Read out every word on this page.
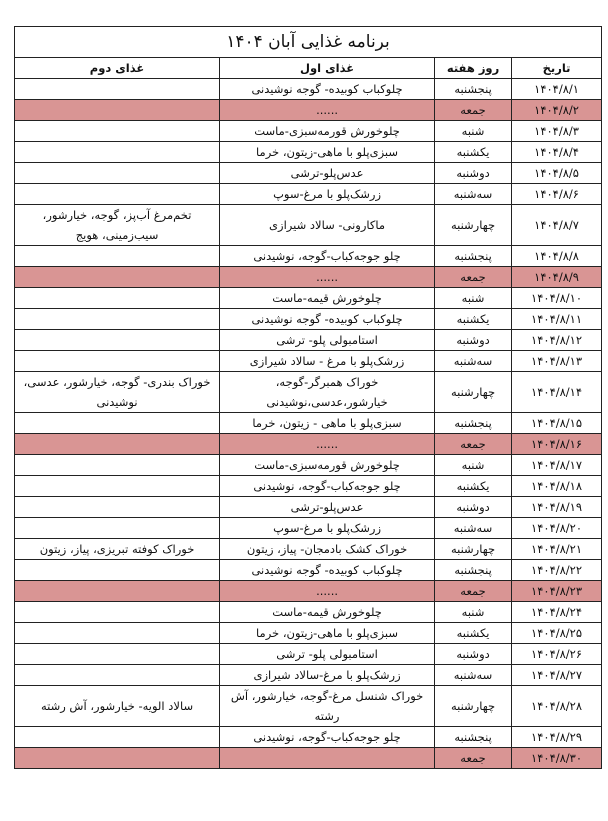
برنامه غذایی آبان ۱۴۰۴			
تاریخ	روز هفته	غذای اول	غذای دوم
۱۴۰۴/۸/۱	پنجشنبه	چلوکباب کوبیده- گوجه نوشیدنی	
۱۴۰۴/۸/۲	جمعه	......	
۱۴۰۴/۸/۳	شنبه	چلوخورش قورمه‌سبزی-ماست	
۱۴۰۴/۸/۴	یکشنبه	سبزی‌پلو با ماهی-زیتون، خرما	
۱۴۰۴/۸/۵	دوشنبه	عدس‌پلو-ترشی	
۱۴۰۴/۸/۶	سه‌شنبه	زرشک‌پلو با مرغ-سوپ	
۱۴۰۴/۸/۷	چهارشنبه	ماکارونی- سالاد شیرازی	تخم‌مرغ آب‌پز، گوجه، خیارشور، سیب‌زمینی، هویج
۱۴۰۴/۸/۸	پنجشنبه	چلو جوجه‌کباب-گوجه، نوشیدنی	
۱۴۰۴/۸/۹	جمعه	......	
۱۴۰۴/۸/۱۰	شنبه	چلوخورش قیمه-ماست	
۱۴۰۴/۸/۱۱	یکشنبه	چلوکباب کوبیده- گوجه نوشیدنی	
۱۴۰۴/۸/۱۲	دوشنبه	استامبولی پلو- ترشی	
۱۴۰۴/۸/۱۳	سه‌شنبه	زرشک‌پلو با مرغ - سالاد شیرازی	
۱۴۰۴/۸/۱۴	چهارشنبه	خوراک همبرگر-گوجه، خیارشور،عدسی،نوشیدنی	خوراک بندری- گوجه، خیارشور، عدسی، نوشیدنی
۱۴۰۴/۸/۱۵	پنجشنبه	سبزی‌پلو با ماهی - زیتون، خرما	
۱۴۰۴/۸/۱۶	جمعه	......	
۱۴۰۴/۸/۱۷	شنبه	چلوخورش قورمه‌سبزی-ماست	
۱۴۰۴/۸/۱۸	یکشنبه	چلو جوجه‌کباب-گوجه، نوشیدنی	
۱۴۰۴/۸/۱۹	دوشنبه	عدس‌پلو-ترشی	
۱۴۰۴/۸/۲۰	سه‌شنبه	زرشک‌پلو با مرغ-سوپ	
۱۴۰۴/۸/۲۱	چهارشنبه	خوراک کشک بادمجان- پیاز، زیتون	خوراک کوفته تبریزی، پیاز، زیتون
۱۴۰۴/۸/۲۲	پنجشنبه	چلوکباب کوبیده- گوجه نوشیدنی	
۱۴۰۴/۸/۲۳	جمعه	......	
۱۴۰۴/۸/۲۴	شنبه	چلوخورش قیمه-ماست	
۱۴۰۴/۸/۲۵	یکشنبه	سبزی‌پلو با ماهی-زیتون، خرما	
۱۴۰۴/۸/۲۶	دوشنبه	استامبولی پلو- ترشی	
۱۴۰۴/۸/۲۷	سه‌شنبه	زرشک‌پلو با مرغ-سالاد شیرازی	
۱۴۰۴/۸/۲۸	چهارشنبه	خوراک شنسل مرغ-گوجه، خیارشور، آش رشته	سالاد الویه- خیارشور، آش رشته
۱۴۰۴/۸/۲۹	پنجشنبه	چلو جوجه‌کباب-گوجه، نوشیدنی	
۱۴۰۴/۸/۳۰	جمعه		
